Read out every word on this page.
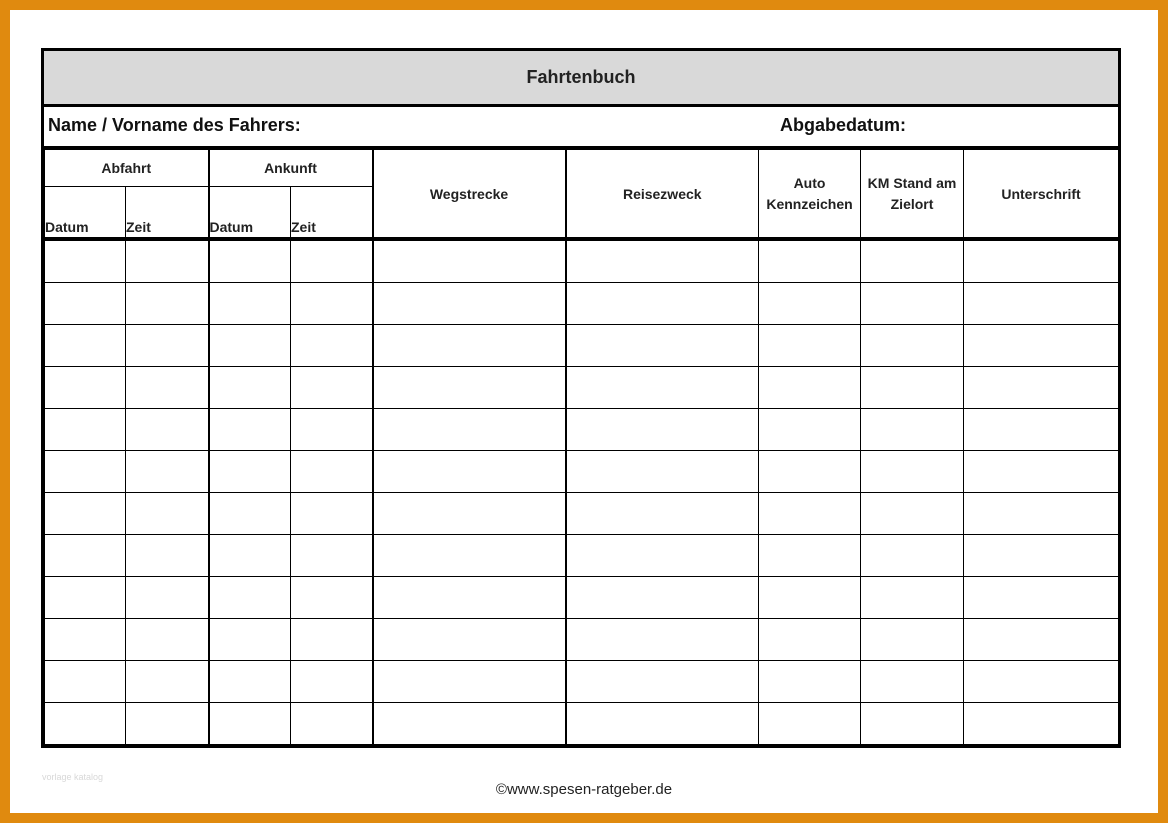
Fahrtenbuch
Name / Vorname des Fahrers:	Abgabedatum:
Abfahrt		Ankunft		Wegstrecke	Reisezweck	Auto Kennzeichen	KM Stand am Zielort	Unterschrift
Datum	Zeit	Datum	Zeit					

vorlage katalog
©www.spesen-ratgeber.de
